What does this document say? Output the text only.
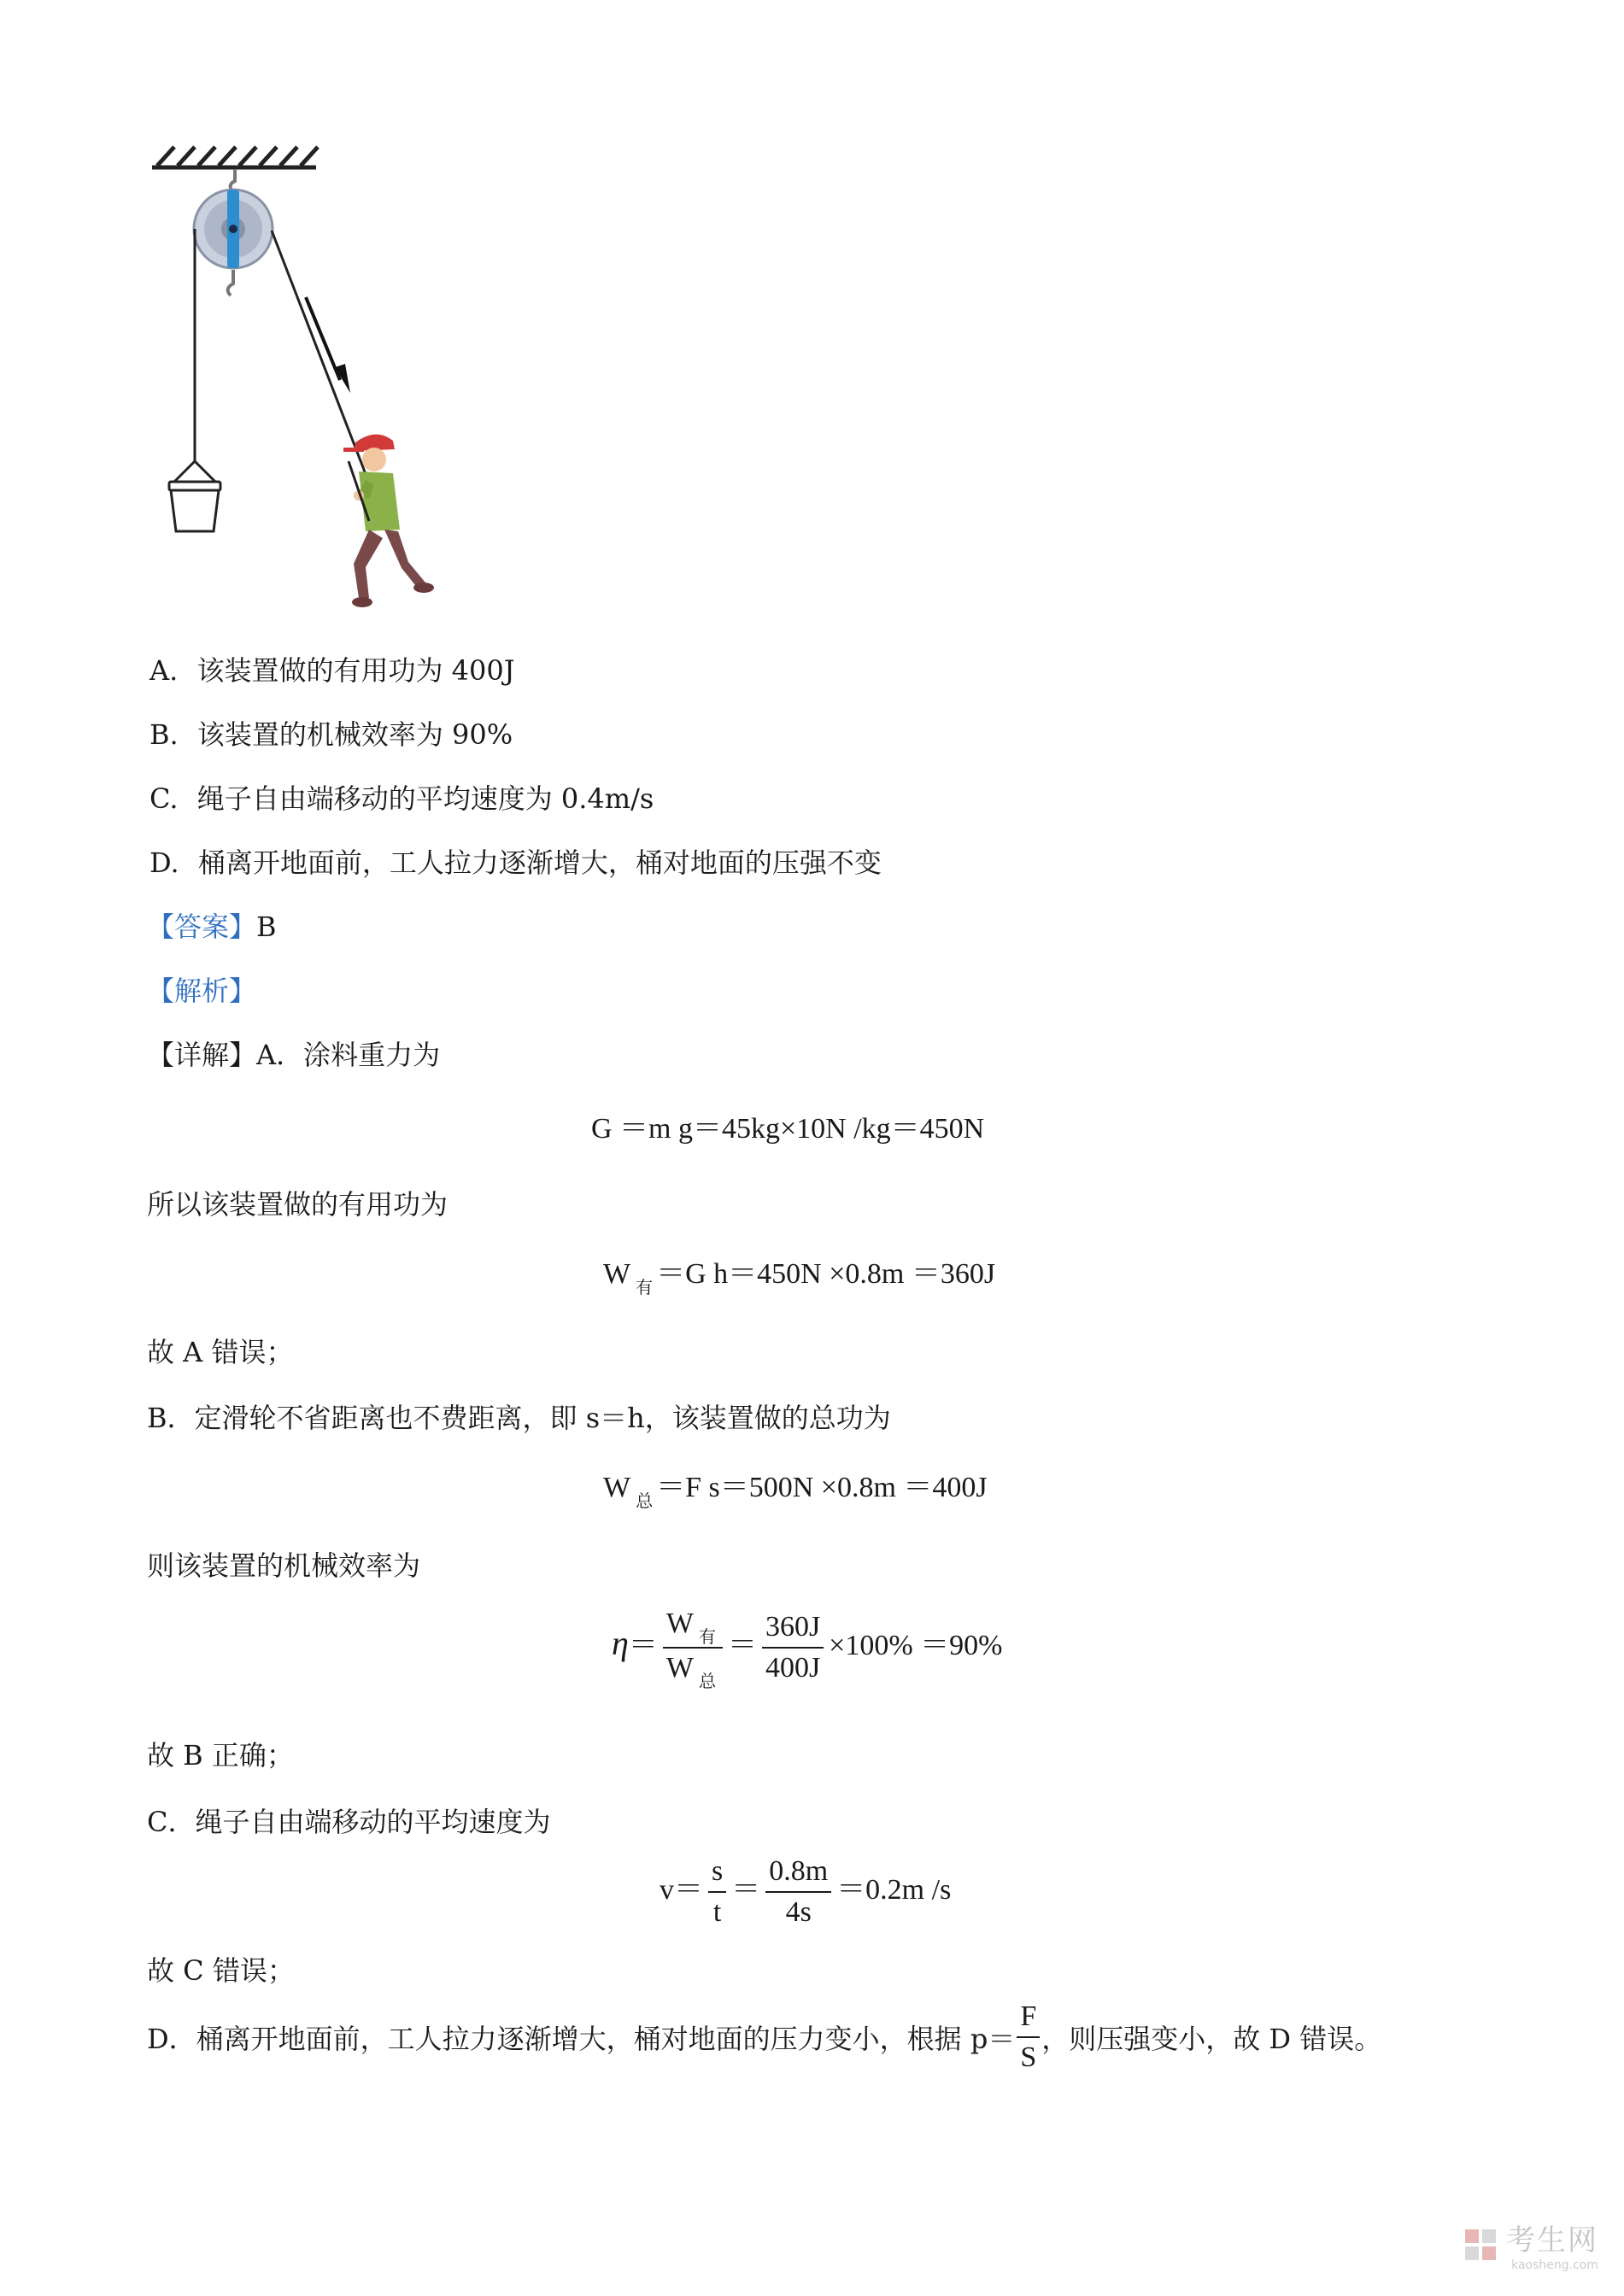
A. 该装置做的有用功为 400J
B. 该装置的机械效率为 90%
C. 绳子自由端移动的平均速度为 0.4m/s
D. 桶离开地面前，工人拉力逐渐增大，桶对地面的压强不变
【答案】B
【解析】
【详解】A．涂料重力为
G ＝m g＝45kg×10N /kg＝450N
所以该装置做的有用功为
W $_有$ ＝G h＝450N ×0.8m ＝360J
故 A 错误；
B．定滑轮不省距离也不费距离，即 s＝h，该装置做的总功为
W $_总$ ＝F s＝500N ×0.8m ＝400J
则该装置的机械效率为
$\eta= \frac{W _有}{W _总} = \frac{360J}{400J} \times 100\% =90\%$
故 B 正确；
C．绳子自由端移动的平均速度为
$v= \frac{s}{t} = \frac{0.8m}{4s} =0.2m$ /s
故 C 错误；
D．桶离开地面前，工人拉力逐渐增大，桶对地面的压力变小，根据 $p= \frac{F}{S}$ ，则压强变小，故 D 错误。
考生网
kaosheng.com
